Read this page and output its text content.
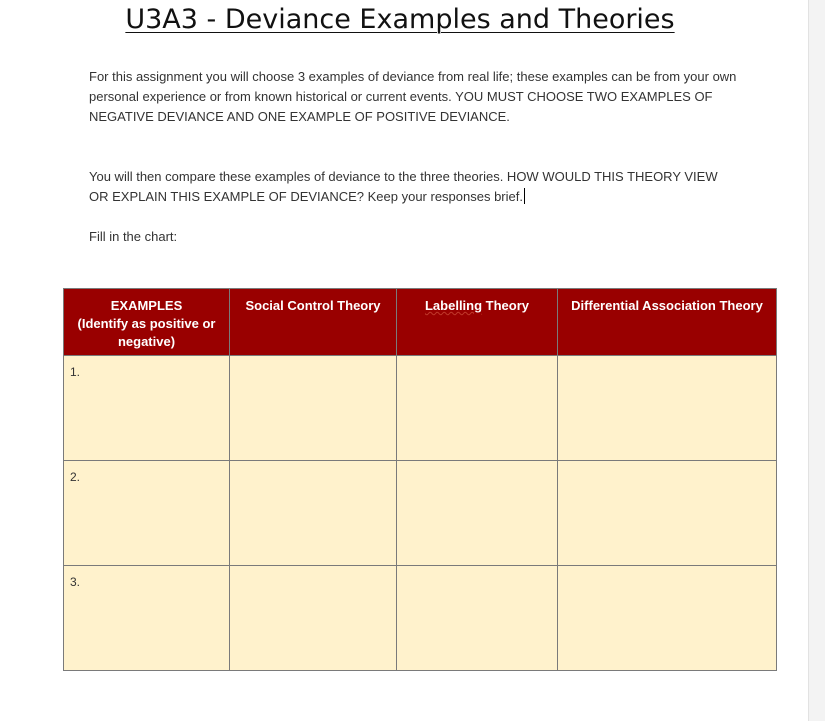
U3A3 - Deviance Examples and Theories
For this assignment you will choose 3 examples of deviance from real life; these examples can be from your own personal experience or from known historical or current events. YOU MUST CHOOSE TWO EXAMPLES OF NEGATIVE DEVIANCE AND ONE EXAMPLE OF POSITIVE DEVIANCE.
You will then compare these examples of deviance to the three theories. HOW WOULD THIS THEORY VIEW OR EXPLAIN THIS EXAMPLE OF DEVIANCE? Keep your responses brief.
Fill in the chart:
EXAMPLES
(Identify as positive or negative)	Social Control Theory	Labelling Theory	Differential Association Theory
1.			
2.			
3.			
